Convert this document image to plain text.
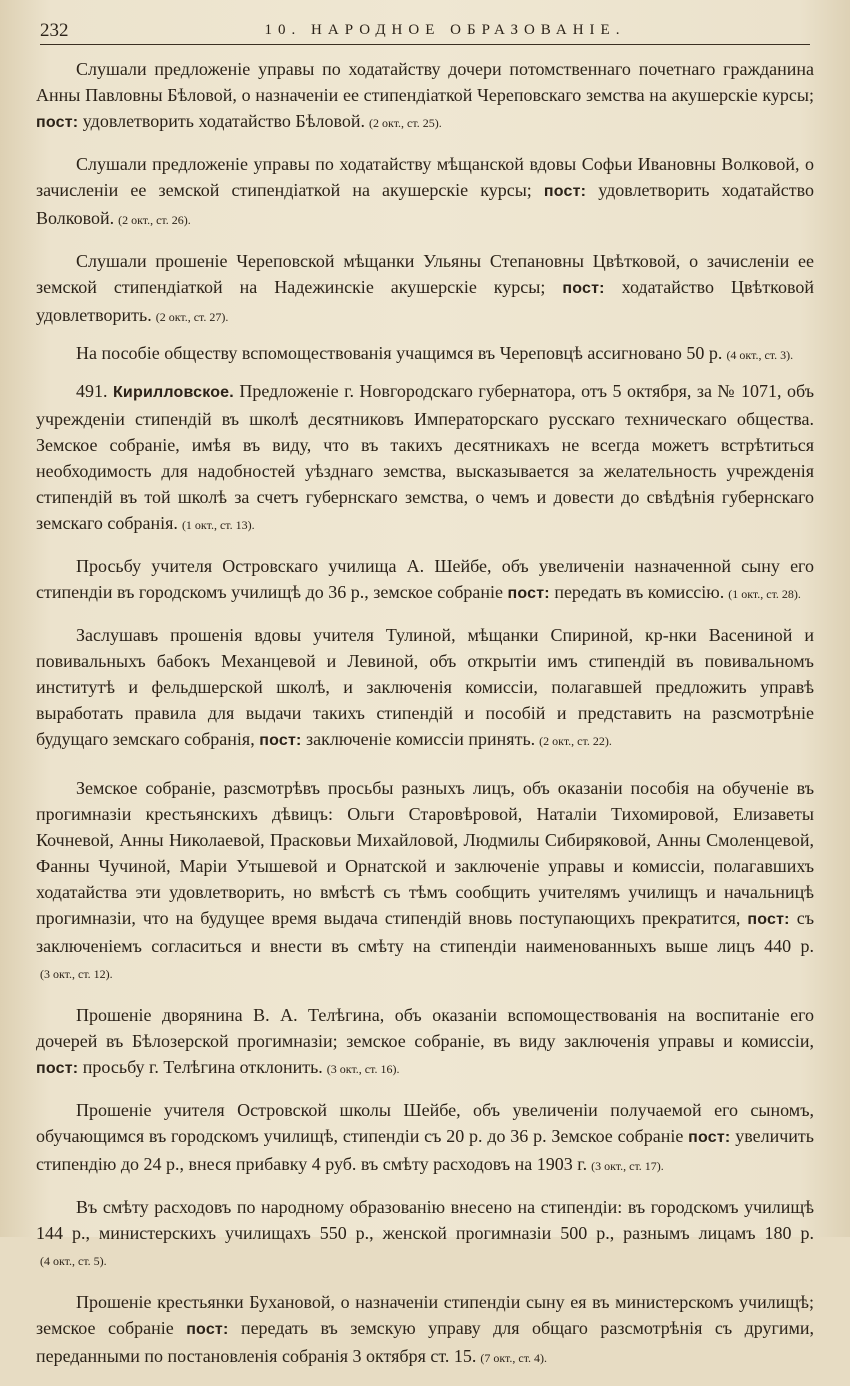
232	10. НАРОДНОЕ ОБРАЗОВАНІЕ.

Слушали предложеніе управы по ходатайству дочери потомственнаго почетнаго гражданина Анны Павловны Бѣловой, о назначеніи ее стипендіаткой Череповскаго земства на акушерскіе курсы; пост: удовлетворить ходатайство Бѣловой. (2 окт., ст. 25).

Слушали предложеніе управы по ходатайству мѣщанской вдовы Софьи Ивановны Волковой, о зачисленіи ее земской стипендіаткой на акушерскіе курсы; пост: удовлетворить ходатайство Волковой. (2 окт., ст. 26).

Слушали прошеніе Череповской мѣщанки Ульяны Степановны Цвѣтковой, о зачисленіи ее земской стипендіаткой на Надежинскіе акушерскіе курсы; пост: ходатайство Цвѣтковой удовлетворить. (2 окт., ст. 27).

На пособіе обществу вспомоществованія учащимся въ Череповцѣ ассигновано 50 р. (4 окт., ст. 3).

491. Кирилловское. Предложеніе г. Новгородскаго губернатора, отъ 5 октября, за № 1071, объ учрежденіи стипендій въ школѣ десятниковъ Императорскаго русскаго техническаго общества. Земское собраніе, имѣя въ виду, что въ такихъ десятникахъ не всегда можетъ встрѣтиться необходимость для надобностей уѣзднаго земства, высказывается за желательность учрежденія стипендій въ той школѣ за счетъ губернскаго земства, о чемъ и довести до свѣдѣнія губернскаго земскаго собранія. (1 окт., ст. 13).

Просьбу учителя Островскаго училища А. Шейбе, объ увеличеніи назначенной сыну его стипендіи въ городскомъ училищѣ до 36 р., земское собраніе пост: передать въ комиссію. (1 окт., ст. 28).

Заслушавъ прошенія вдовы учителя Тулиной, мѣщанки Спириной, кр-нки Васениной и повивальныхъ бабокъ Механцевой и Левиной, объ открытіи имъ стипендій въ повивальномъ институтѣ и фельдшерской школѣ, и заключенія комиссіи, полагавшей предложить управѣ выработать правила для выдачи такихъ стипендій и пособій и представить на разсмотрѣніе будущаго земскаго собранія, пост: заключеніе комиссіи принять. (2 окт., ст. 22).

Земское собраніе, разсмотрѣвъ просьбы разныхъ лицъ, объ оказаніи пособія на обученіе въ прогимназіи крестьянскихъ дѣвицъ: Ольги Старовѣровой, Наталіи Тихомировой, Елизаветы Кочневой, Анны Николаевой, Прасковьи Михайловой, Людмилы Сибиряковой, Анны Смоленцевой, Фанны Чучиной, Маріи Утышевой и Орнатской и заключеніе управы и комиссіи, полагавшихъ ходатайства эти удовлетворить, но вмѣстѣ съ тѣмъ сообщить учителямъ училищъ и начальницѣ прогимназіи, что на будущее время выдача стипендій вновь поступающихъ прекратится, пост: съ заключеніемъ согласиться и внести въ смѣту на стипендіи наименованныхъ выше лицъ 440 р.(3 окт., ст. 12).

Прошеніе дворянина В. А. Телѣгина, объ оказаніи вспомоществованія на воспитаніе его дочерей въ Бѣлозерской прогимназіи; земское собраніе, въ виду заключенія управы и комиссіи, пост: просьбу г. Телѣгина отклонить. (3 окт., ст. 16).

Прошеніе учителя Островской школы Шейбе, объ увеличеніи получаемой его сыномъ, обучающимся въ городскомъ училищѣ, стипендіи съ 20 р. до 36 р. Земское собраніе пост: увеличить стипендію до 24 р., внеся прибавку 4 руб. въ смѣту расходовъ на 1903 г. (3 окт., ст. 17).

Въ смѣту расходовъ по народному образованію внесено на стипендіи: въ городскомъ училищѣ 144 р., министерскихъ училищахъ 550 р., женской прогимназіи 500 р., разнымъ лицамъ 180 р.(4 окт., ст. 5).

Прошеніе крестьянки Бухановой, о назначеніи стипендіи сыну ея въ министерскомъ училищѣ; земское собраніе пост: передать въ земскую управу для общаго разсмотрѣнія съ другими, переданными по постановленія собранія 3 октября ст. 15. (7 окт., ст. 4).
